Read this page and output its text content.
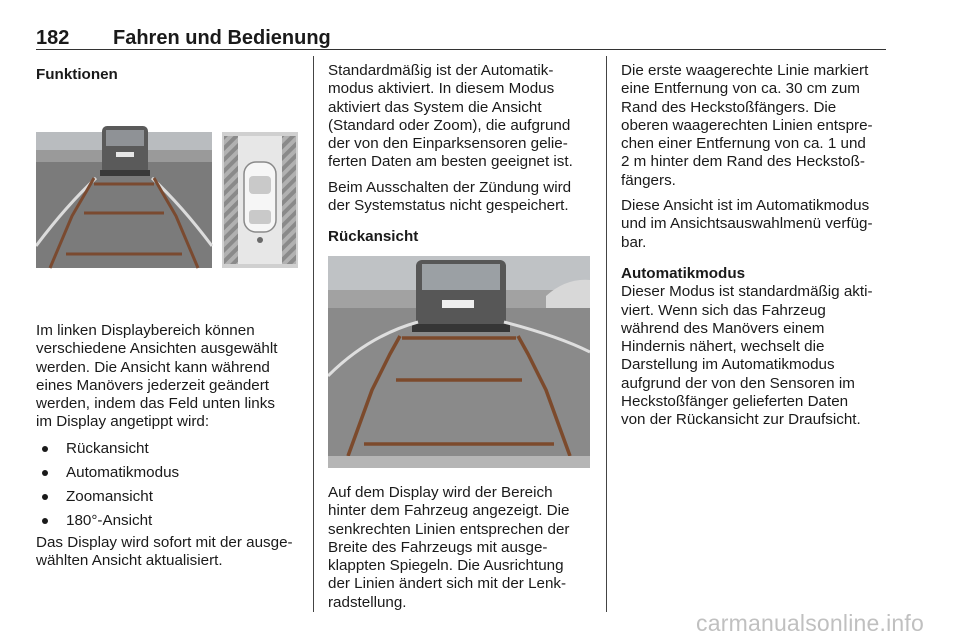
182 Fahren und Bedienung
Funktionen

Im linken Displaybereich können
verschiedene Ansichten ausgewählt
werden. Die Ansicht kann während
eines Manövers jederzeit geändert
werden, indem das Feld unten links
im Display angetippt wird:

Rückansicht
Automatikmodus
Zoomansicht
180°-Ansicht

Das Display wird sofort mit der ausge-
wählten Ansicht aktualisiert.

Standardmäßig ist der Automatik-
modus aktiviert. In diesem Modus
aktiviert das System die Ansicht
(Standard oder Zoom), die aufgrund
der von den Einparksensoren gelie-
ferten Daten am besten geeignet ist.

Beim Ausschalten der Zündung wird
der Systemstatus nicht gespeichert.

Rückansicht

Auf dem Display wird der Bereich
hinter dem Fahrzeug angezeigt. Die
senkrechten Linien entsprechen der
Breite des Fahrzeugs mit ausge-
klappten Spiegeln. Die Ausrichtung
der Linien ändert sich mit der Lenk-
radstellung.

Die erste waagerechte Linie markiert
eine Entfernung von ca. 30 cm zum
Rand des Heckstoßfängers. Die
oberen waagerechten Linien entspre-
chen einer Entfernung von ca. 1 und
2 m hinter dem Rand des Heckstoß-
fängers.

Diese Ansicht ist im Automatikmodus
und im Ansichtsauswahlmenü verfüg-
bar.

Automatikmodus

Dieser Modus ist standardmäßig akti-
viert. Wenn sich das Fahrzeug
während des Manövers einem
Hindernis nähert, wechselt die
Darstellung im Automatikmodus
aufgrund der von den Sensoren im
Heckstoßfänger gelieferten Daten
von der Rückansicht zur Draufsicht.

carmanualsonline.info
